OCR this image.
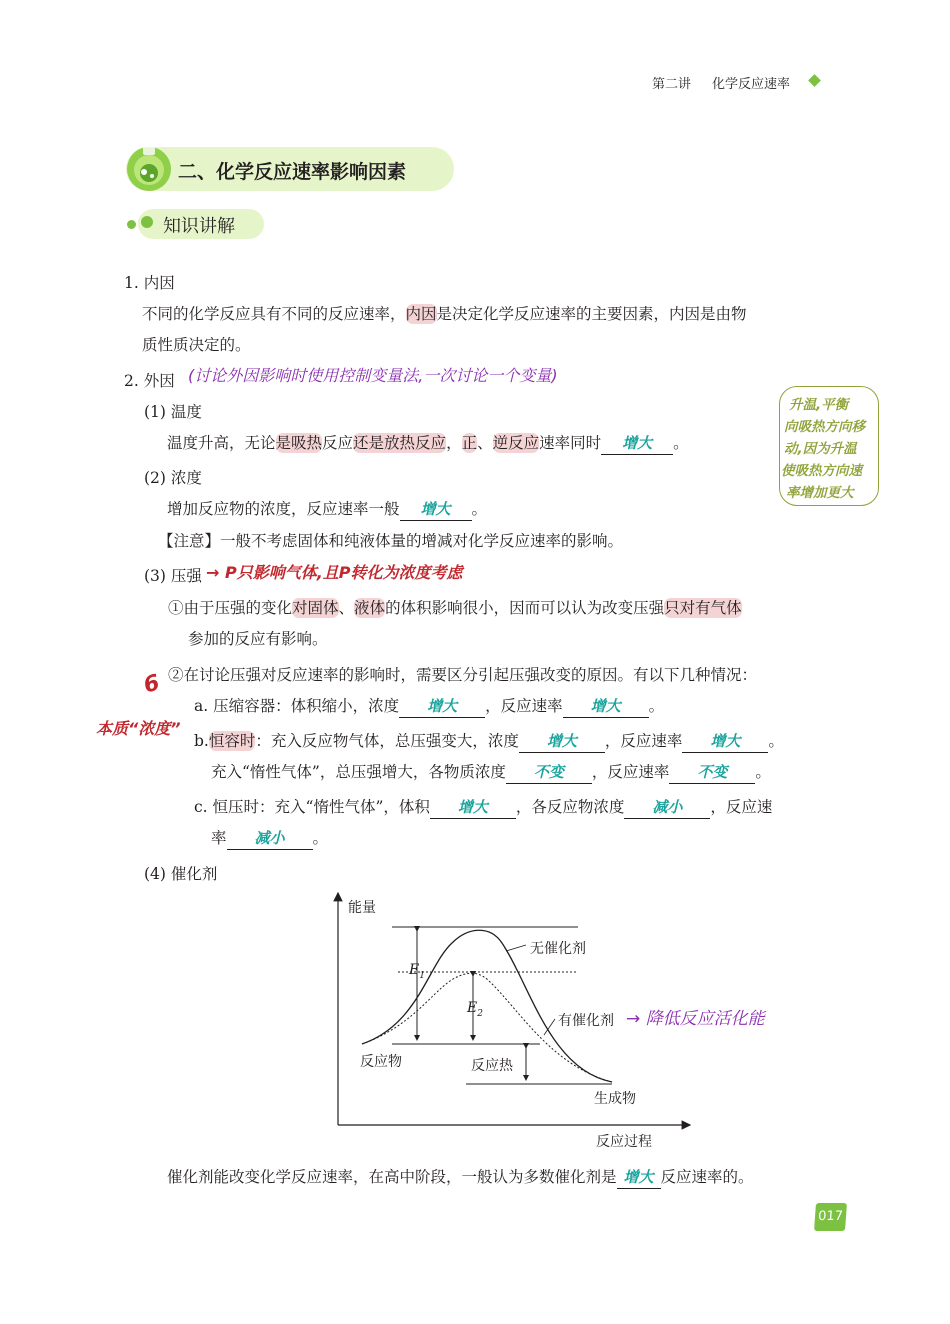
第二讲 化学反应速率
二、化学反应速率影响因素
知识讲解
1. 内因
不同的化学反应具有不同的反应速率，内因是决定化学反应速率的主要因素，内因是由物
质性质决定的。
2. 外因 (讨论外因影响时使用控制变量法,一次讨论一个变量)
(1) 温度
温度升高，无论是吸热反应还是放热反应，正、逆反应速率同时 增大 。
升温,平衡
向吸热方向移
动,因为升温
使吸热方向速
率增加更大
(2) 浓度
增加反应物的浓度，反应速率一般 增大 。
【注意】一般不考虑固体和纯液体量的增减对化学反应速率的影响。
(3) 压强 → P只影响气体,且P转化为浓度考虑
①由于压强的变化对固体、液体的体积影响很小，因而可以认为改变压强只对有气体
参加的反应有影响。
②在讨论压强对反应速率的影响时，需要区分引起压强改变的原因。有以下几种情况：
6
本质“浓度”
a. 压缩容器：体积缩小，浓度 增大 ，反应速率 增大 。
b.恒容时：充入反应物气体，总压强变大，浓度 增大 ，反应速率 增大 。
充入“惰性气体”，总压强增大，各物质浓度 不变 ，反应速率 不变 。
c. 恒压时：充入“惰性气体”，体积 增大 ，各反应物浓度 减小 ，反应速
率 减小 。
(4) 催化剂
能量
无催化剂
$E_1$
$E_2$	有催化剂 → 降低反应活化能
反应物	反应热
生成物
反应过程
催化剂能改变化学反应速率，在高中阶段，一般认为多数催化剂是 增大 反应速率的。
017
